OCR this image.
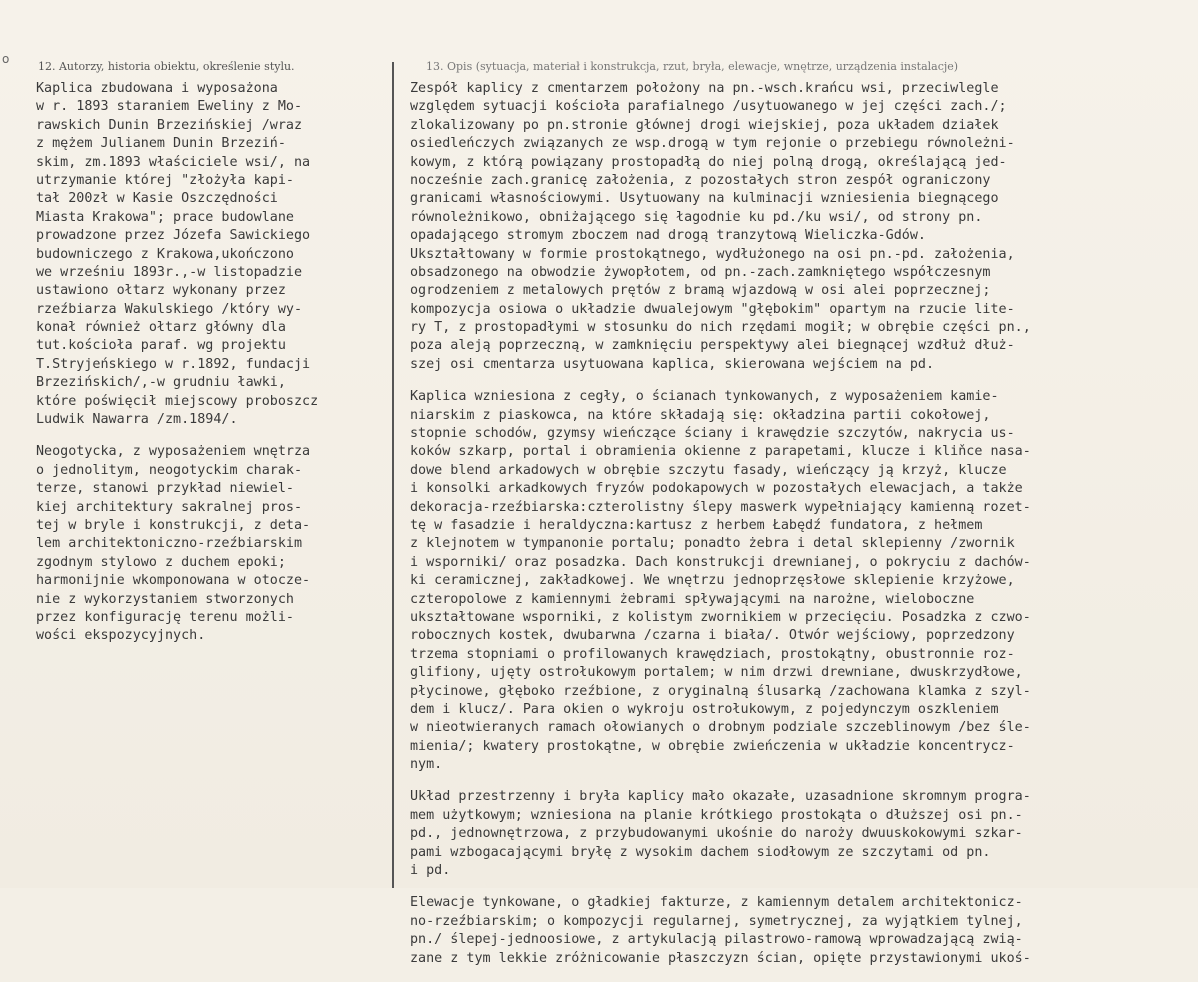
o
12. Autorzy, historia obiektu, określenie stylu.	13. Opis (sytuacja, materiał i konstrukcja, rzut, bryła, elewacje, wnętrze, urządzenia instalacje)
Kaplica zbudowana i wyposażona
w r. 1893 staraniem Eweliny z Mo-
rawskich Dunin Brzezińskiej /wraz
z mężem Julianem Dunin Brzeziń-
skim, zm.1893 właściciele wsi/, na
utrzymanie której "złożyła kapi-
tał 200zł w Kasie Oszczędności
Miasta Krakowa"; prace budowlane
prowadzone przez Józefa Sawickiego
budowniczego z Krakowa,ukończono
we wrześniu 1893r.,-w listopadzie
ustawiono ołtarz wykonany przez
rzeźbiarza Wakulskiego /który wy-
konał również ołtarz główny dla
tut.kościoła paraf. wg projektu
T.Stryjeńskiego w r.1892, fundacji
Brzezińskich/,-w grudniu ławki,
które poświęcił miejscowy proboszcz
Ludwik Nawarra /zm.1894/.
Neogotycka, z wyposażeniem wnętrza
o jednolitym, neogotyckim charak-
terze, stanowi przykład niewiel-
kiej architektury sakralnej pros-
tej w bryle i konstrukcji, z deta-
lem architektoniczno-rzeźbiarskim
zgodnym stylowo z duchem epoki;
harmonijnie wkomponowana w otocze-
nie z wykorzystaniem stworzonych
przez konfigurację terenu możli-
wości ekspozycyjnych.
Zespół kaplicy z cmentarzem położony na pn.-wsch.krańcu wsi, przeciwlegle
względem sytuacji kościoła parafialnego /usytuowanego w jej części zach./;
zlokalizowany po pn.stronie głównej drogi wiejskiej, poza układem działek
osiedleńczych związanych ze wsp.drogą w tym rejonie o przebiegu równoleżni-
kowym, z którą powiązany prostopadłą do niej polną drogą, określającą jed-
nocześnie zach.granicę założenia, z pozostałych stron zespół ograniczony
granicami własnościowymi. Usytuowany na kulminacji wzniesienia biegnącego
równoleżnikowo, obniżającego się łagodnie ku pd./ku wsi/, od strony pn.
opadającego stromym zboczem nad drogą tranzytową Wieliczka-Gdów.
Ukształtowany w formie prostokątnego, wydłużonego na osi pn.-pd. założenia,
obsadzonego na obwodzie żywopłotem, od pn.-zach.zamkniętego współczesnym
ogrodzeniem z metalowych prętów z bramą wjazdową w osi alei poprzecznej;
kompozycja osiowa o układzie dwualejowym "głębokim" opartym na rzucie lite-
ry T, z prostopadłymi w stosunku do nich rzędami mogił; w obrębie części pn.,
poza aleją poprzeczną, w zamknięciu perspektywy alei biegnącej wzdłuż dłuż-
szej osi cmentarza usytuowana kaplica, skierowana wejściem na pd.
Kaplica wzniesiona z cegły, o ścianach tynkowanych, z wyposażeniem kamie-
niarskim z piaskowca, na które składają się: okładzina partii cokołowej,
stopnie schodów, gzymsy wieńczące ściany i krawędzie szczytów, nakrycia us-
koków szkarp, portal i obramienia okienne z parapetami, klucze i kliňce nasa-
dowe blend arkadowych w obrębie szczytu fasady, wieńczący ją krzyż, klucze
i konsolki arkadkowych fryzów podokapowych w pozostałych elewacjach, a także
dekoracja-rzeźbiarska:czterolistny ślepy maswerk wypełniający kamienną rozet-
tę w fasadzie i heraldyczna:kartusz z herbem Łabędź fundatora, z hełmem
z klejnotem w tympanonie portalu; ponadto żebra i detal sklepienny /zwornik
i wsporniki/ oraz posadzka. Dach konstrukcji drewnianej, o pokryciu z dachów-
ki ceramicznej, zakładkowej. We wnętrzu jednoprzęsłowe sklepienie krzyżowe,
czteropolowe z kamiennymi żebrami spływającymi na narożne, wieloboczne
ukształtowane wsporniki, z kolistym zwornikiem w przecięciu. Posadzka z czwo-
robocznych kostek, dwubarwna /czarna i biała/. Otwór wejściowy, poprzedzony
trzema stopniami o profilowanych krawędziach, prostokątny, obustronnie roz-
glifiony, ujęty ostrołukowym portalem; w nim drzwi drewniane, dwuskrzydłowe,
płycinowe, głęboko rzeźbione, z oryginalną ślusarką /zachowana klamka z szyl-
dem i klucz/. Para okien o wykroju ostrołukowym, z pojedynczym oszkleniem
w nieotwieranych ramach ołowianych o drobnym podziale szczeblinowym /bez śle-
mienia/; kwatery prostokątne, w obrębie zwieńczenia w układzie koncentrycz-
nym.
Układ przestrzenny i bryła kaplicy mało okazałe, uzasadnione skromnym progra-
mem użytkowym; wzniesiona na planie krótkiego prostokąta o dłuższej osi pn.-
pd., jednownętrzowa, z przybudowanymi ukośnie do naroży dwuuskokowymi szkar-
pami wzbogacającymi bryłę z wysokim dachem siodłowym ze szczytami od pn.
i pd.
Elewacje tynkowane, o gładkiej fakturze, z kamiennym detalem architektonicz-
no-rzeźbiarskim; o kompozycji regularnej, symetrycznej, za wyjątkiem tylnej,
pn./ ślepej-jednoosiowe, z artykulacją pilastrowo-ramową wprowadzającą zwią-
zane z tym lekkie zróżnicowanie płaszczyzn ścian, opięte przystawionymi ukoś-
